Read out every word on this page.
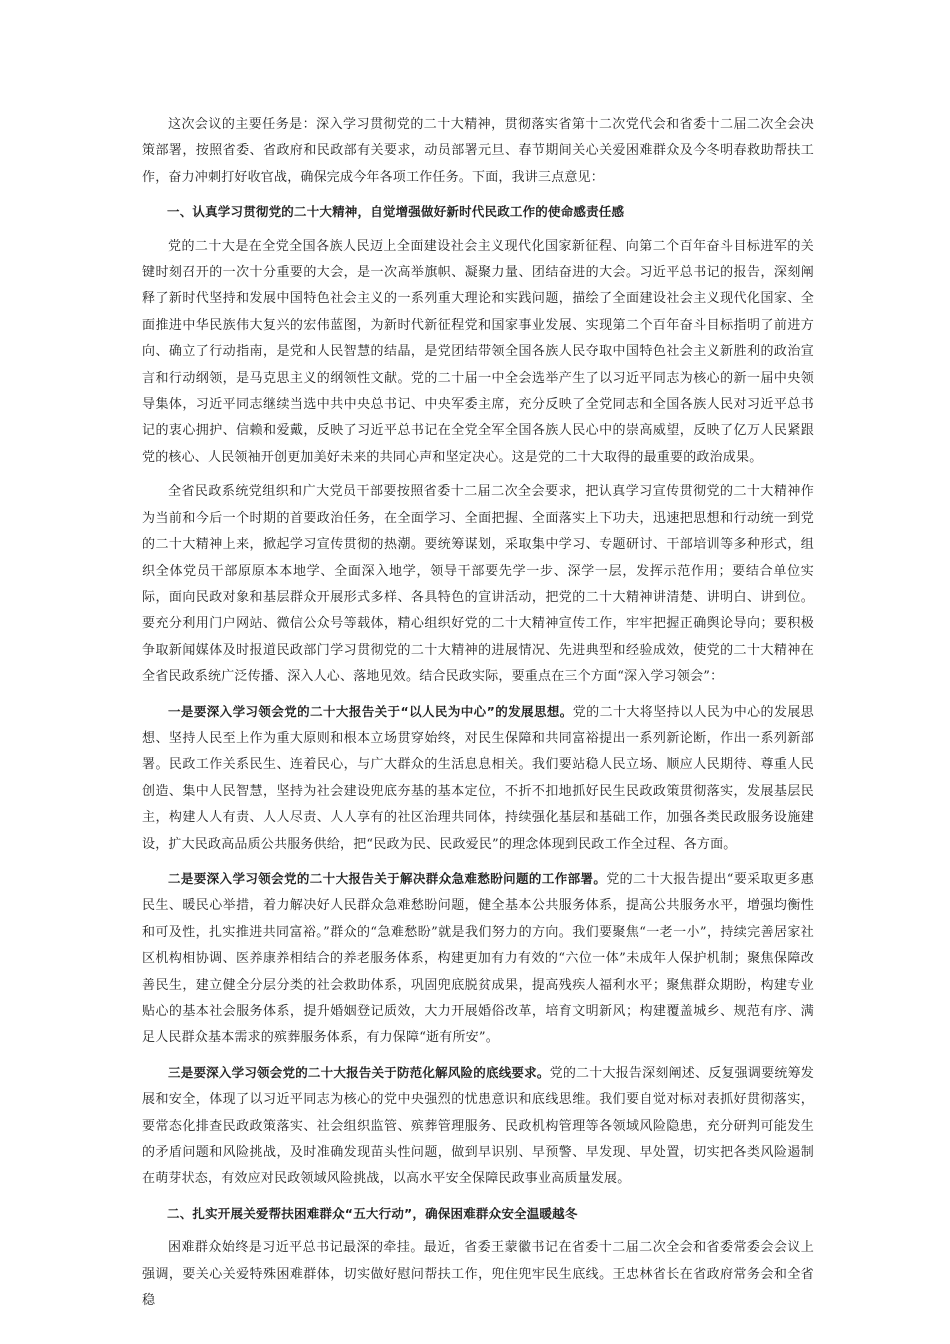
这次会议的主要任务是：深入学习贯彻党的二十大精神，贯彻落实省第十二次党代会和省委十二届二次全会决策部署，按照省委、省政府和民政部有关要求，动员部署元旦、春节期间关心关爱困难群众及今冬明春救助帮扶工作，奋力冲刺打好收官战，确保完成今年各项工作任务。下面，我讲三点意见：

一、认真学习贯彻党的二十大精神，自觉增强做好新时代民政工作的使命感责任感

党的二十大是在全党全国各族人民迈上全面建设社会主义现代化国家新征程、向第二个百年奋斗目标进军的关键时刻召开的一次十分重要的大会，是一次高举旗帜、凝聚力量、团结奋进的大会。习近平总书记的报告，深刻阐释了新时代坚持和发展中国特色社会主义的一系列重大理论和实践问题，描绘了全面建设社会主义现代化国家、全面推进中华民族伟大复兴的宏伟蓝图，为新时代新征程党和国家事业发展、实现第二个百年奋斗目标指明了前进方向、确立了行动指南，是党和人民智慧的结晶，是党团结带领全国各族人民夺取中国特色社会主义新胜利的政治宣言和行动纲领，是马克思主义的纲领性文献。党的二十届一中全会选举产生了以习近平同志为核心的新一届中央领导集体，习近平同志继续当选中共中央总书记、中央军委主席，充分反映了全党同志和全国各族人民对习近平总书记的衷心拥护、信赖和爱戴，反映了习近平总书记在全党全军全国各族人民心中的崇高威望，反映了亿万人民紧跟党的核心、人民领袖开创更加美好未来的共同心声和坚定决心。这是党的二十大取得的最重要的政治成果。

全省民政系统党组织和广大党员干部要按照省委十二届二次全会要求，把认真学习宣传贯彻党的二十大精神作为当前和今后一个时期的首要政治任务，在全面学习、全面把握、全面落实上下功夫，迅速把思想和行动统一到党的二十大精神上来，掀起学习宣传贯彻的热潮。要统筹谋划，采取集中学习、专题研讨、干部培训等多种形式，组织全体党员干部原原本本地学、全面深入地学，领导干部要先学一步、深学一层，发挥示范作用；要结合单位实际，面向民政对象和基层群众开展形式多样、各具特色的宣讲活动，把党的二十大精神讲清楚、讲明白、讲到位。要充分利用门户网站、微信公众号等载体，精心组织好党的二十大精神宣传工作，牢牢把握正确舆论导向；要积极争取新闻媒体及时报道民政部门学习贯彻党的二十大精神的进展情况、先进典型和经验成效，使党的二十大精神在全省民政系统广泛传播、深入人心、落地见效。结合民政实际，要重点在三个方面“深入学习领会”：

一是要深入学习领会党的二十大报告关于“以人民为中心”的发展思想。党的二十大将坚持以人民为中心的发展思想、坚持人民至上作为重大原则和根本立场贯穿始终，对民生保障和共同富裕提出一系列新论断，作出一系列新部署。民政工作关系民生、连着民心，与广大群众的生活息息相关。我们要站稳人民立场、顺应人民期待、尊重人民创造、集中人民智慧，坚持为社会建设兜底夯基的基本定位，不折不扣地抓好民生民政政策贯彻落实，发展基层民主，构建人人有责、人人尽责、人人享有的社区治理共同体，持续强化基层和基础工作，加强各类民政服务设施建设，扩大民政高品质公共服务供给，把“民政为民、民政爱民”的理念体现到民政工作全过程、各方面。

二是要深入学习领会党的二十大报告关于解决群众急难愁盼问题的工作部署。党的二十大报告提出“要采取更多惠民生、暖民心举措，着力解决好人民群众急难愁盼问题，健全基本公共服务体系，提高公共服务水平，增强均衡性和可及性，扎实推进共同富裕。”群众的“急难愁盼”就是我们努力的方向。我们要聚焦“一老一小”，持续完善居家社区机构相协调、医养康养相结合的养老服务体系，构建更加有力有效的“六位一体”未成年人保护机制；聚焦保障改善民生，建立健全分层分类的社会救助体系，巩固兜底脱贫成果，提高残疾人福利水平；聚焦群众期盼，构建专业贴心的基本社会服务体系，提升婚姻登记质效，大力开展婚俗改革，培育文明新风；构建覆盖城乡、规范有序、满足人民群众基本需求的殡葬服务体系，有力保障“逝有所安”。

三是要深入学习领会党的二十大报告关于防范化解风险的底线要求。党的二十大报告深刻阐述、反复强调要统筹发展和安全，体现了以习近平同志为核心的党中央强烈的忧患意识和底线思维。我们要自觉对标对表抓好贯彻落实，要常态化排查民政政策落实、社会组织监管、殡葬管理服务、民政机构管理等各领域风险隐患，充分研判可能发生的矛盾问题和风险挑战，及时准确发现苗头性问题，做到早识别、早预警、早发现、早处置，切实把各类风险遏制在萌芽状态，有效应对民政领域风险挑战，以高水平安全保障民政事业高质量发展。

二、扎实开展关爱帮扶困难群众“五大行动”，确保困难群众安全温暖越冬

困难群众始终是习近平总书记最深的牵挂。最近，省委王蒙徽书记在省委十二届二次全会和省委常委会会议上强调，要关心关爱特殊困难群体，切实做好慰问帮扶工作，兜住兜牢民生底线。王忠林省长在省政府常务会和全省稳
